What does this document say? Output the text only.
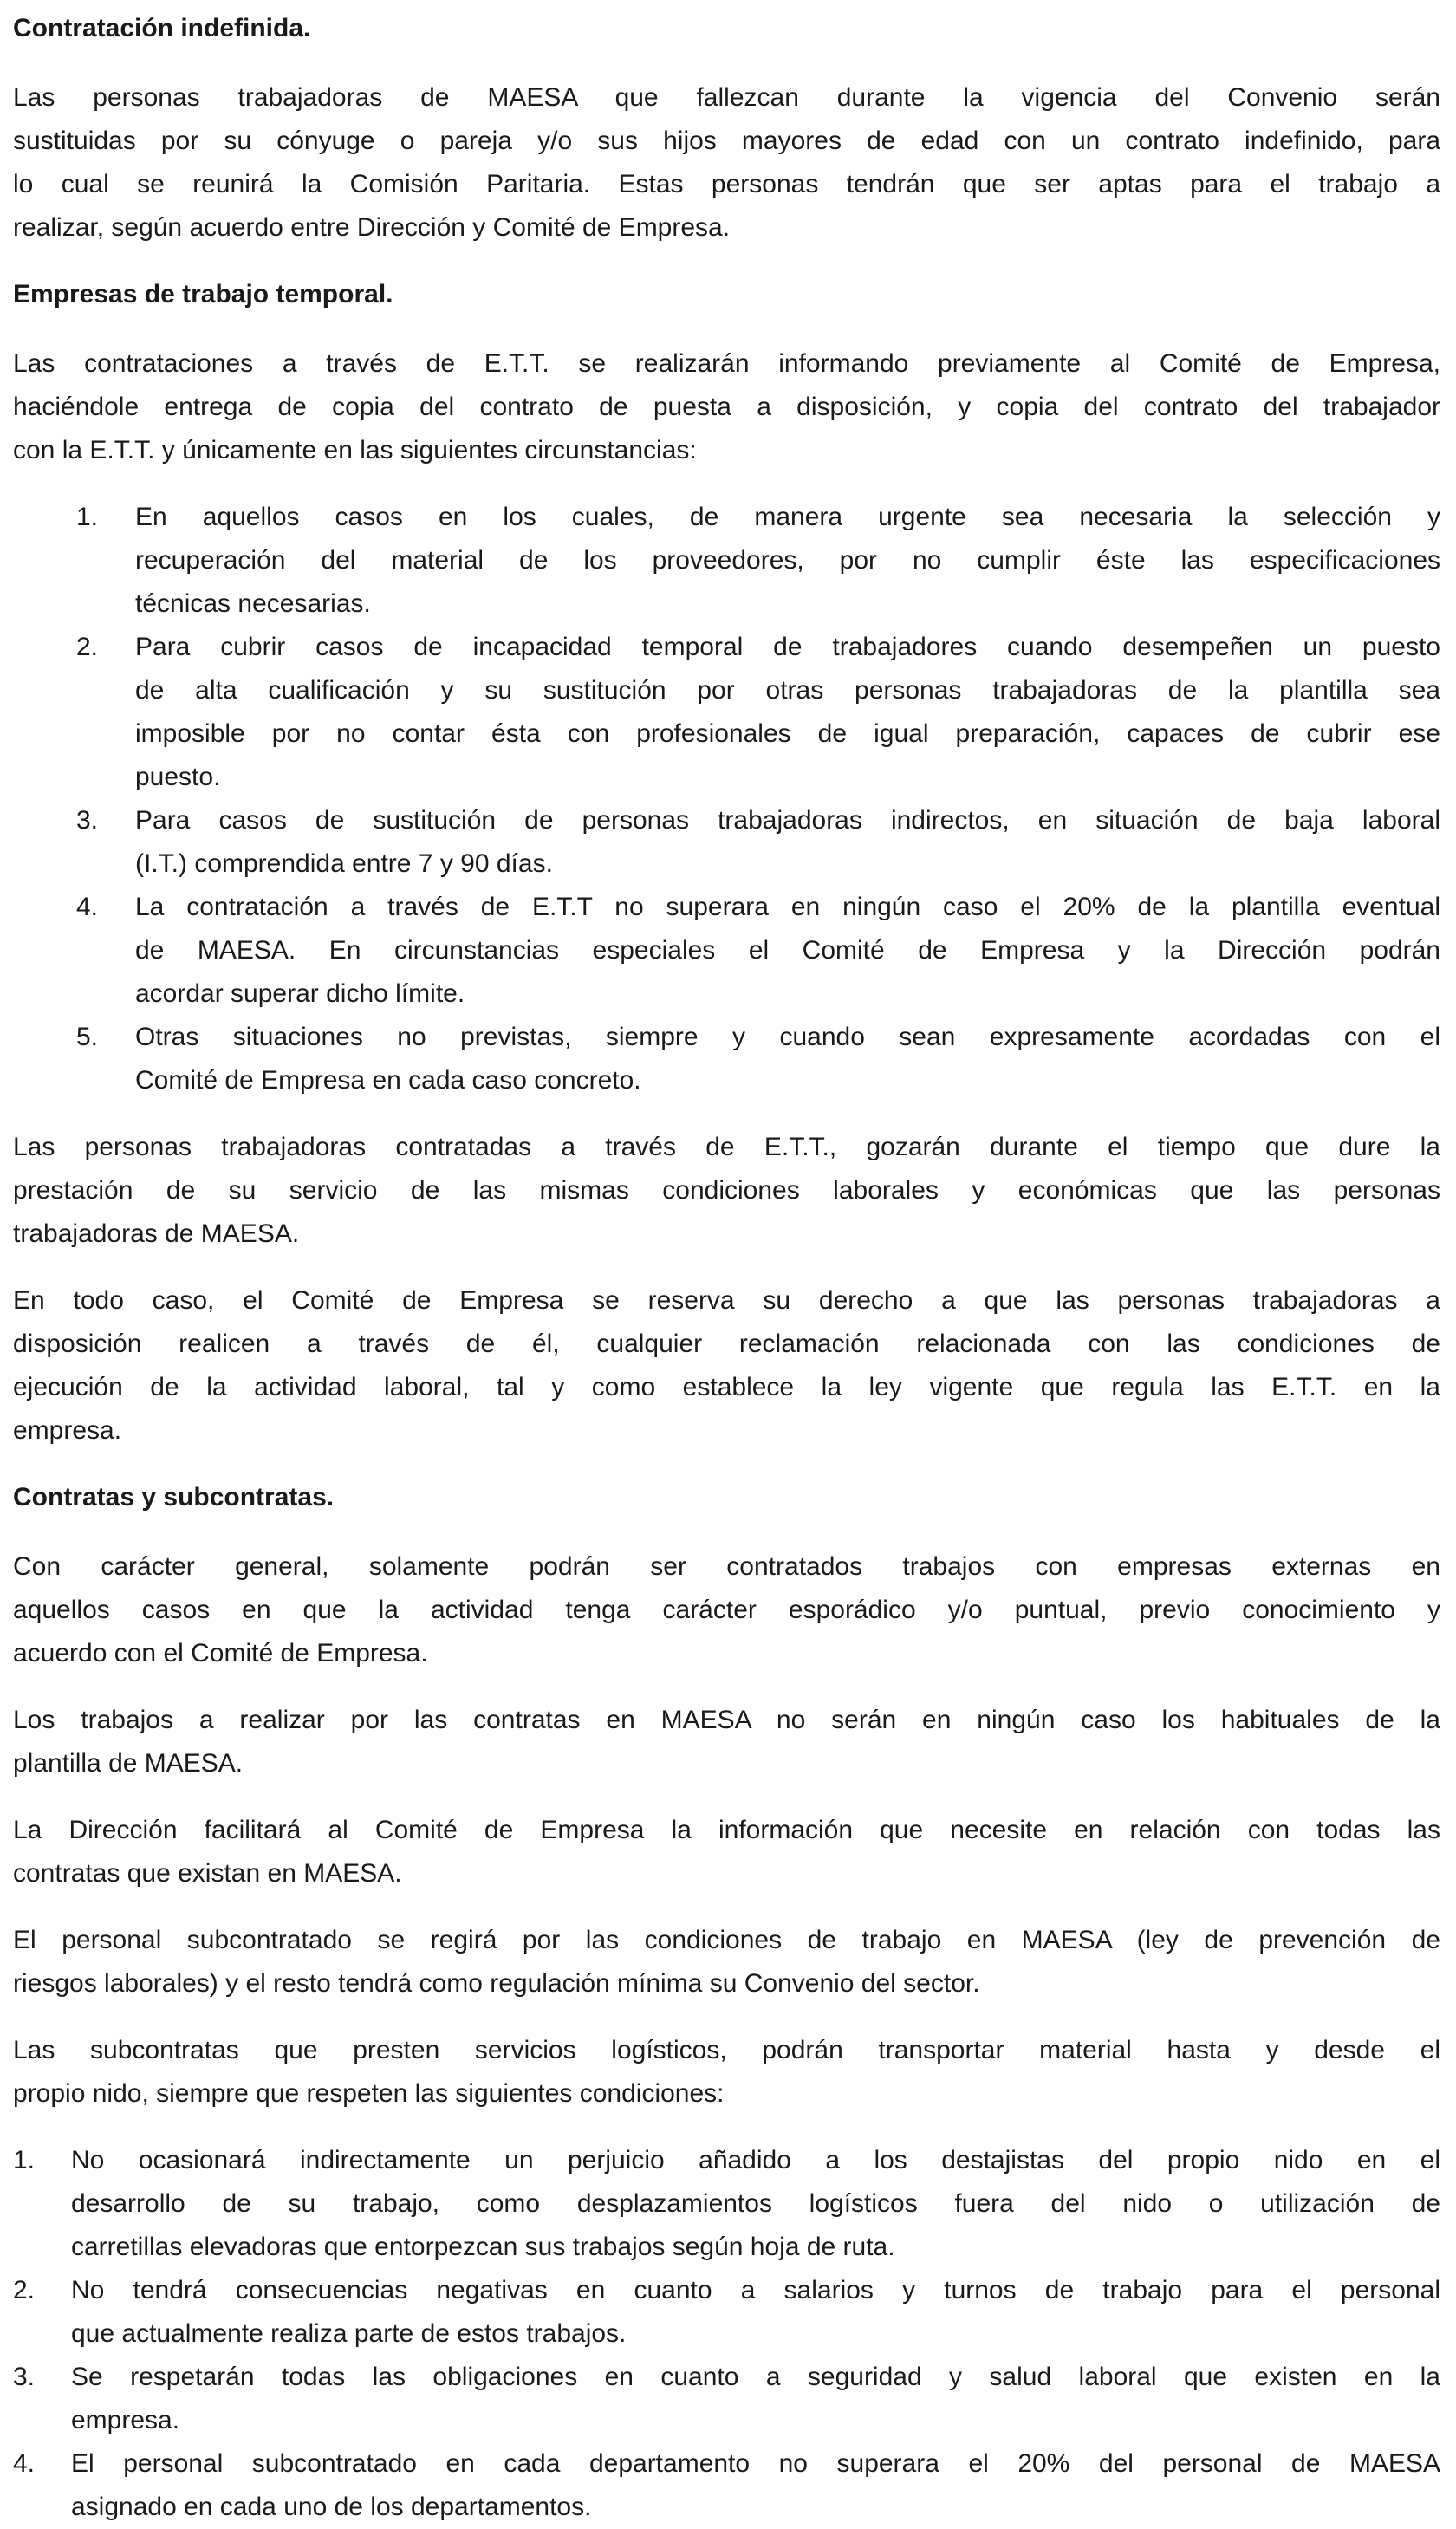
Contratación indefinida.
Las personas trabajadoras de MAESA que fallezcan durante la vigencia del Convenio serán
sustituidas por su cónyuge o pareja y/o sus hijos mayores de edad con un contrato indefinido, para
lo cual se reunirá la Comisión Paritaria. Estas personas tendrán que ser aptas para el trabajo a
realizar, según acuerdo entre Dirección y Comité de Empresa.
Empresas de trabajo temporal.
Las contrataciones a través de E.T.T. se realizarán informando previamente al Comité de Empresa,
haciéndole entrega de copia del contrato de puesta a disposición, y copia del contrato del trabajador
con la E.T.T. y únicamente en las siguientes circunstancias:
1.	En aquellos casos en los cuales, de manera urgente sea necesaria la selección y
recuperación del material de los proveedores, por no cumplir éste las especificaciones
técnicas necesarias.
2.	Para cubrir casos de incapacidad temporal de trabajadores cuando desempeñen un puesto
de alta cualificación y su sustitución por otras personas trabajadoras de la plantilla sea
imposible por no contar ésta con profesionales de igual preparación, capaces de cubrir ese
puesto.
3.	Para casos de sustitución de personas trabajadoras indirectos, en situación de baja laboral
(I.T.) comprendida entre 7 y 90 días.
4.	La contratación a través de E.T.T no superara en ningún caso el 20% de la plantilla eventual
de MAESA. En circunstancias especiales el Comité de Empresa y la Dirección podrán
acordar superar dicho límite.
5.	Otras situaciones no previstas, siempre y cuando sean expresamente acordadas con el
Comité de Empresa en cada caso concreto.
Las personas trabajadoras contratadas a través de E.T.T., gozarán durante el tiempo que dure la
prestación de su servicio de las mismas condiciones laborales y económicas que las personas
trabajadoras de MAESA.
En todo caso, el Comité de Empresa se reserva su derecho a que las personas trabajadoras a
disposición realicen a través de él, cualquier reclamación relacionada con las condiciones de
ejecución de la actividad laboral, tal y como establece la ley vigente que regula las E.T.T. en la
empresa.
Contratas y subcontratas.
Con carácter general, solamente podrán ser contratados trabajos con empresas externas en
aquellos casos en que la actividad tenga carácter esporádico y/o puntual, previo conocimiento y
acuerdo con el Comité de Empresa.
Los trabajos a realizar por las contratas en MAESA no serán en ningún caso los habituales de la
plantilla de MAESA.
La Dirección facilitará al Comité de Empresa la información que necesite en relación con todas las
contratas que existan en MAESA.
El personal subcontratado se regirá por las condiciones de trabajo en MAESA (ley de prevención de
riesgos laborales) y el resto tendrá como regulación mínima su Convenio del sector.
Las subcontratas que presten servicios logísticos, podrán transportar material hasta y desde el
propio nido, siempre que respeten las siguientes condiciones:
1.	No ocasionará indirectamente un perjuicio añadido a los destajistas del propio nido en el
desarrollo de su trabajo, como desplazamientos logísticos fuera del nido o utilización de
carretillas elevadoras que entorpezcan sus trabajos según hoja de ruta.
2.	No tendrá consecuencias negativas en cuanto a salarios y turnos de trabajo para el personal
que actualmente realiza parte de estos trabajos.
3.	Se respetarán todas las obligaciones en cuanto a seguridad y salud laboral que existen en la
empresa.
4.	El personal subcontratado en cada departamento no superara el 20% del personal de MAESA
asignado en cada uno de los departamentos.
